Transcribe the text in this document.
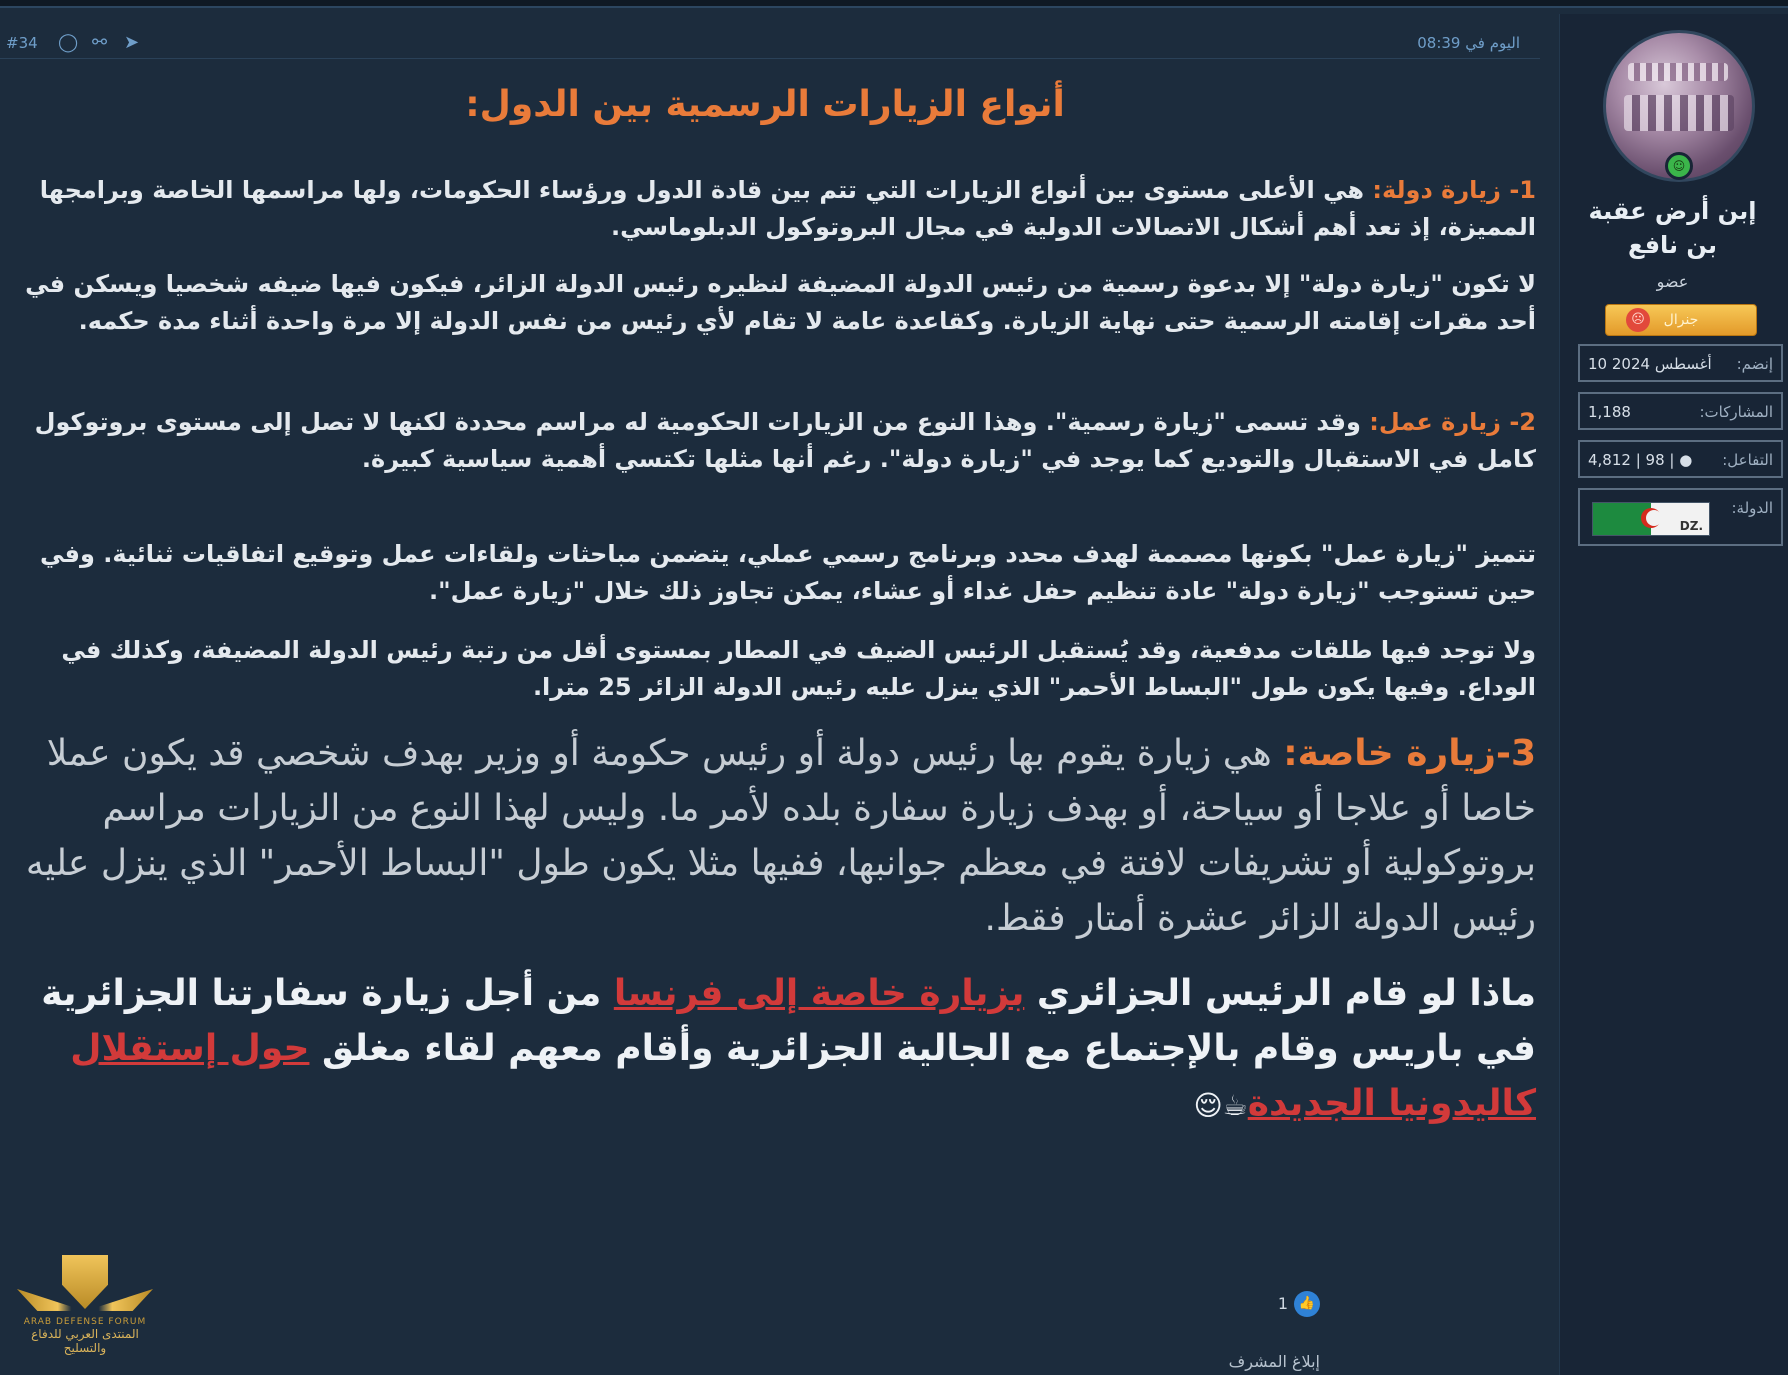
#34 ◯ ⚯ ➤	اليوم في 08:39
أنواع الزيارات الرسمية بين الدول:
1- زيارة دولة: هي الأعلى مستوى بين أنواع الزيارات التي تتم بين قادة الدول ورؤساء الحكومات، ولها مراسمها الخاصة وبرامجها المميزة، إذ تعد أهم أشكال الاتصالات الدولية في مجال البروتوكول الدبلوماسي.
لا تكون "زيارة دولة" إلا بدعوة رسمية من رئيس الدولة المضيفة لنظيره رئيس الدولة الزائر، فيكون فيها ضيفه شخصيا ويسكن في أحد مقرات إقامته الرسمية حتى نهاية الزيارة. وكقاعدة عامة لا تقام لأي رئيس من نفس الدولة إلا مرة واحدة أثناء مدة حكمه.
2- زيارة عمل: وقد تسمى "زيارة رسمية". وهذا النوع من الزيارات الحكومية له مراسم محددة لكنها لا تصل إلى مستوى بروتوكول كامل في الاستقبال والتوديع كما يوجد في "زيارة دولة". رغم أنها مثلها تكتسي أهمية سياسية كبيرة.
تتميز "زيارة عمل" بكونها مصممة لهدف محدد وبرنامج رسمي عملي، يتضمن مباحثات ولقاءات عمل وتوقيع اتفاقيات ثنائية. وفي حين تستوجب "زيارة دولة" عادة تنظيم حفل غداء أو عشاء، يمكن تجاوز ذلك خلال "زيارة عمل".
ولا توجد فيها طلقات مدفعية، وقد يُستقبل الرئيس الضيف في المطار بمستوى أقل من رتبة رئيس الدولة المضيفة، وكذلك في الوداع. وفيها يكون طول "البساط الأحمر" الذي ينزل عليه رئيس الدولة الزائر 25 مترا.
3-زيارة خاصة: هي زيارة يقوم بها رئيس دولة أو رئيس حكومة أو وزير بهدف شخصي قد يكون عملا خاصا أو علاجا أو سياحة، أو بهدف زيارة سفارة بلده لأمر ما. وليس لهذا النوع من الزيارات مراسم بروتوكولية أو تشريفات لافتة في معظم جوانبها، ففيها مثلا يكون طول "البساط الأحمر" الذي ينزل عليه رئيس الدولة الزائر عشرة أمتار فقط.
ماذا لو قام الرئيس الجزائري بزيارة خاصة إلى فرنسا من أجل زيارة سفارتنا الجزائرية في باريس وقام بالإجتماع مع الجالية الجزائرية وأقام معهم لقاء مغلق حول إستقلال كاليدونيا الجديدة☕😌
1 👍
إبلاغ المشرف
☺
إبن أرض عقبة بن نافع
عضو
☹	جنرال
إنضم:
10 أغسطس 2024
المشاركات:
1,188
التفاعل:
4,812 | 98 | ●
الدولة:
.DZ
ARAB DEFENSE FORUM
المنتدى العربي للدفاع والتسليح
